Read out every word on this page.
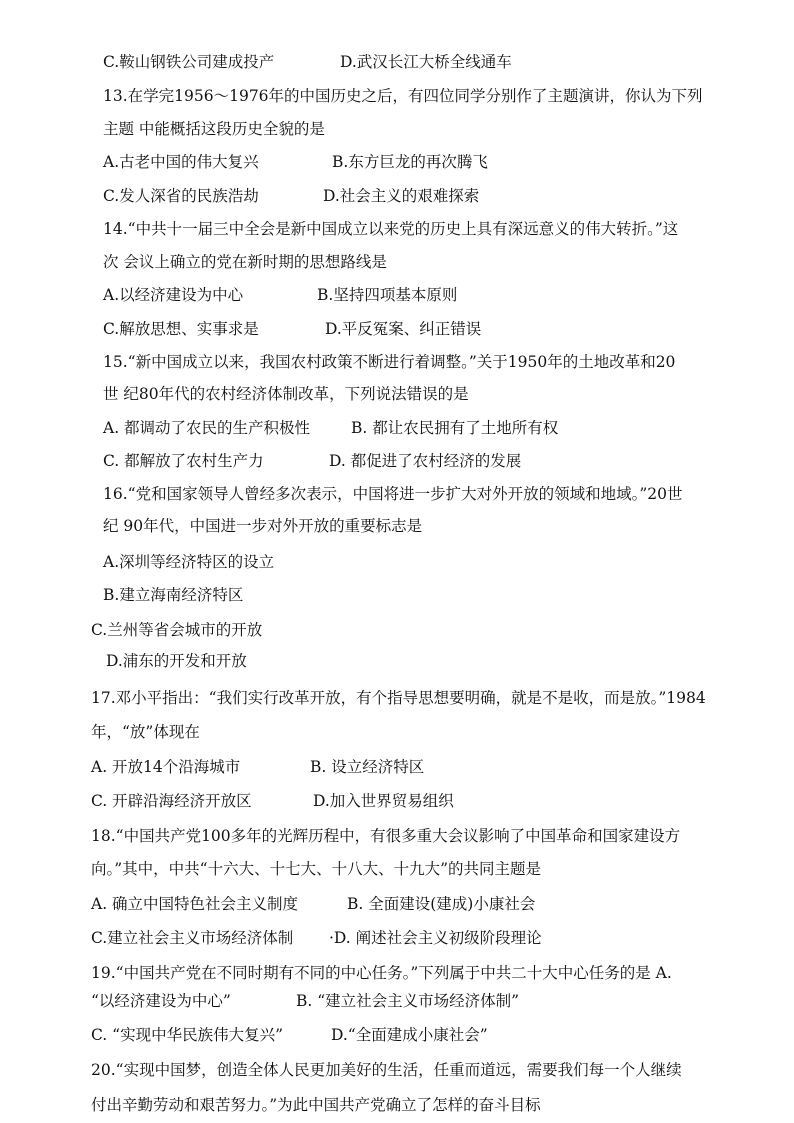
C.鞍山钢铁公司建成投产	D.武汉长江大桥全线通车
13.在学完1956～1976年的中国历史之后，有四位同学分别作了主题演讲，你认为下列
主题 中能概括这段历史全貌的是
A.古老中国的伟大复兴	B.东方巨龙的再次腾飞
C.发人深省的民族浩劫	D.社会主义的艰难探索
14.“中共十一届三中全会是新中国成立以来党的历史上具有深远意义的伟大转折。”这
次 会议上确立的党在新时期的思想路线是
A.以经济建设为中心	B.坚持四项基本原则
C.解放思想、实事求是	D.平反冤案、纠正错误
15.“新中国成立以来，我国农村政策不断进行着调整。”关于1950年的土地改革和20
世 纪80年代的农村经济体制改革，下列说法错误的是
A. 都调动了农民的生产积极性	B. 都让农民拥有了土地所有权
C. 都解放了农村生产力	D. 都促进了农村经济的发展
16.“党和国家领导人曾经多次表示，中国将进一步扩大对外开放的领域和地域。”20世
纪 90年代，中国进一步对外开放的重要标志是
A.深圳等经济特区的设立
B.建立海南经济特区
C.兰州等省会城市的开放
D.浦东的开发和开放
17.邓小平指出：“我们实行改革开放，有个指导思想要明确，就是不是收，而是放。”1984
年，“放”体现在
A. 开放14个沿海城市	B. 设立经济特区
C. 开辟沿海经济开放区	D.加入世界贸易组织
18.“中国共产党100多年的光辉历程中，有很多重大会议影响了中国革命和国家建设方
向。”其中，中共“十六大、十七大、十八大、十九大”的共同主题是
A. 确立中国特色社会主义制度	B. 全面建设(建成)小康社会
C.建立社会主义市场经济体制 ·D. 阐述社会主义初级阶段理论
19.“中国共产党在不同时期有不同的中心任务。”下列属于中共二十大中心任务的是 A.
“以经济建设为中心”	B. “建立社会主义市场经济体制”
C. “实现中华民族伟大复兴”	D.“全面建成小康社会”
20.“实现中国梦，创造全体人民更加美好的生活，任重而道远，需要我们每一个人继续
付出辛勤劳动和艰苦努力。”为此中国共产党确立了怎样的奋斗目标
